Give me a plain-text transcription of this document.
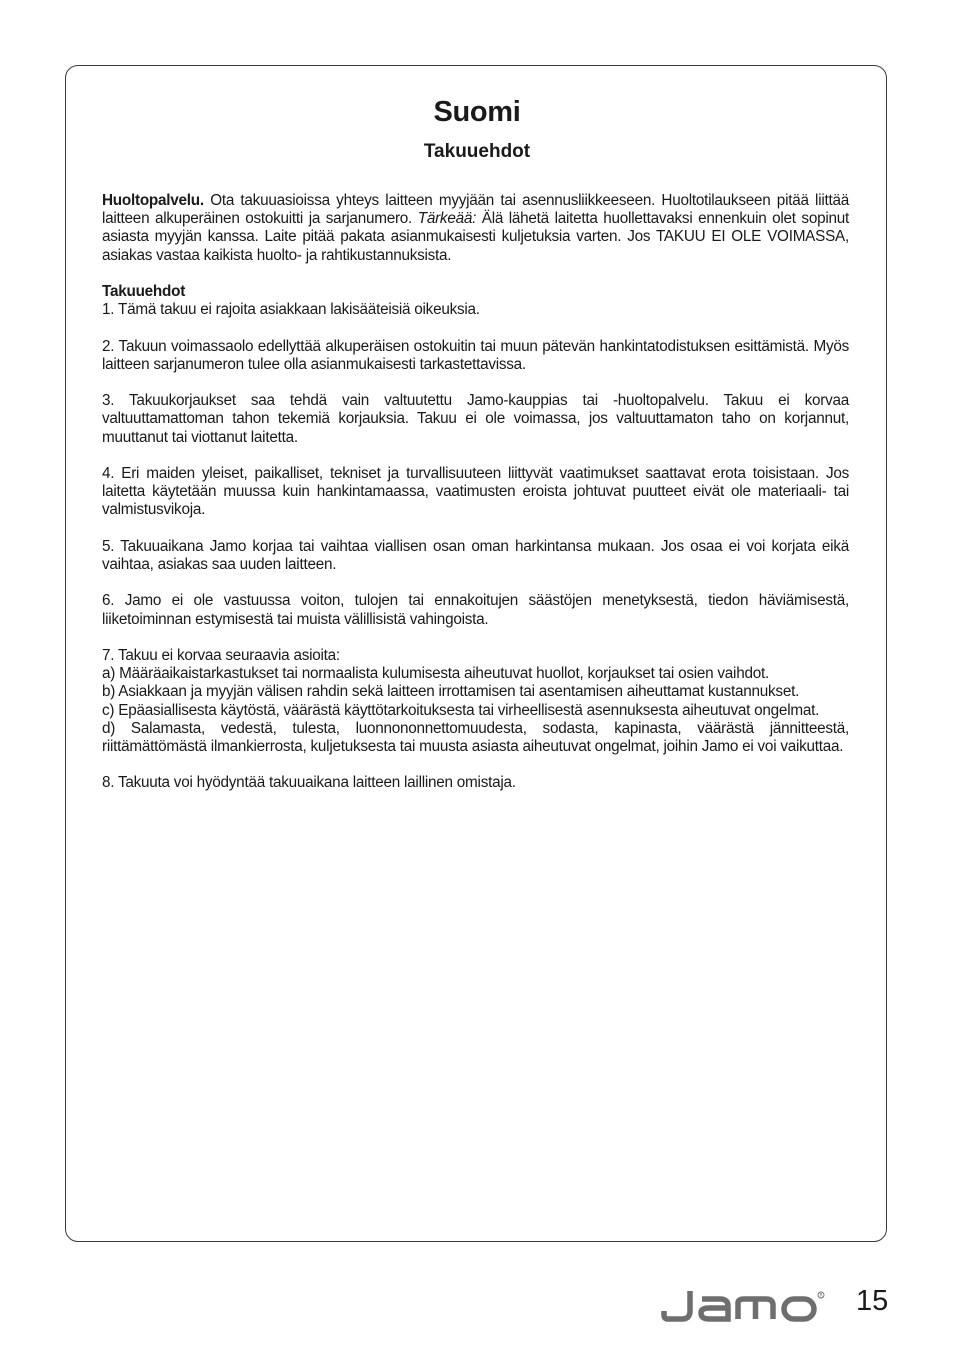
Suomi
Takuuehdot

Huoltopalvelu. Ota takuuasioissa yhteys laitteen myyjään tai asennusliikkeeseen. Huoltotilaukseen pitää liittää laitteen alkuperäinen ostokuitti ja sarjanumero. Tärkeää: Älä lähetä laitetta huollettavaksi ennenkuin olet sopinut asiasta myyjän kanssa. Laite pitää pakata asianmukaisesti kuljetuksia varten. Jos TAKUU EI OLE VOIMASSA, asiakas vastaa kaikista huolto- ja rahtikustannuksista.

Takuuehdot

1. Tämä takuu ei rajoita asiakkaan lakisääteisiä oikeuksia.

2. Takuun voimassaolo edellyttää alkuperäisen ostokuitin tai muun pätevän hankintatodistuksen esittämistä. Myös laitteen sarjanumeron tulee olla asianmukaisesti tarkastettavissa.

3. Takuukorjaukset saa tehdä vain valtuutettu Jamo-kauppias tai -huoltopalvelu. Takuu ei korvaa valtuuttamattoman tahon tekemiä korjauksia. Takuu ei ole voimassa, jos valtuuttamaton taho on korjannut, muuttanut tai viottanut laitetta.

4. Eri maiden yleiset, paikalliset, tekniset ja turvallisuuteen liittyvät vaatimukset saattavat erota toisistaan. Jos laitetta käytetään muussa kuin hankintamaassa, vaatimusten eroista johtuvat puutteet eivät ole materiaali- tai valmistusvikoja.

5. Takuuaikana Jamo korjaa tai vaihtaa viallisen osan oman harkintansa mukaan. Jos osaa ei voi korjata eikä vaihtaa, asiakas saa uuden laitteen.

6. Jamo ei ole vastuussa voiton, tulojen tai ennakoitujen säästöjen menetyksestä, tiedon häviämisestä, liiketoiminnan estymisestä tai muista välillisistä vahingoista.

7. Takuu ei korvaa seuraavia asioita:
a) Määräaikaistarkastukset tai normaalista kulumisesta aiheutuvat huollot, korjaukset tai osien vaihdot.
b) Asiakkaan ja myyjän välisen rahdin sekä laitteen irrottamisen tai asentamisen aiheuttamat kustannukset.
c) Epäasiallisesta käytöstä, väärästä käyttötarkoituksesta tai virheellisestä asennuksesta aiheutuvat ongelmat.
d) Salamasta, vedestä, tulesta, luonnononnettomuudesta, sodasta, kapinasta, väärästä jännitteestä, riittämättömästä ilmankierrosta, kuljetuksesta tai muusta asiasta aiheutuvat ongelmat, joihin Jamo ei voi vaikuttaa.

8. Takuuta voi hyödyntää takuuaikana laitteen laillinen omistaja.

R 15
